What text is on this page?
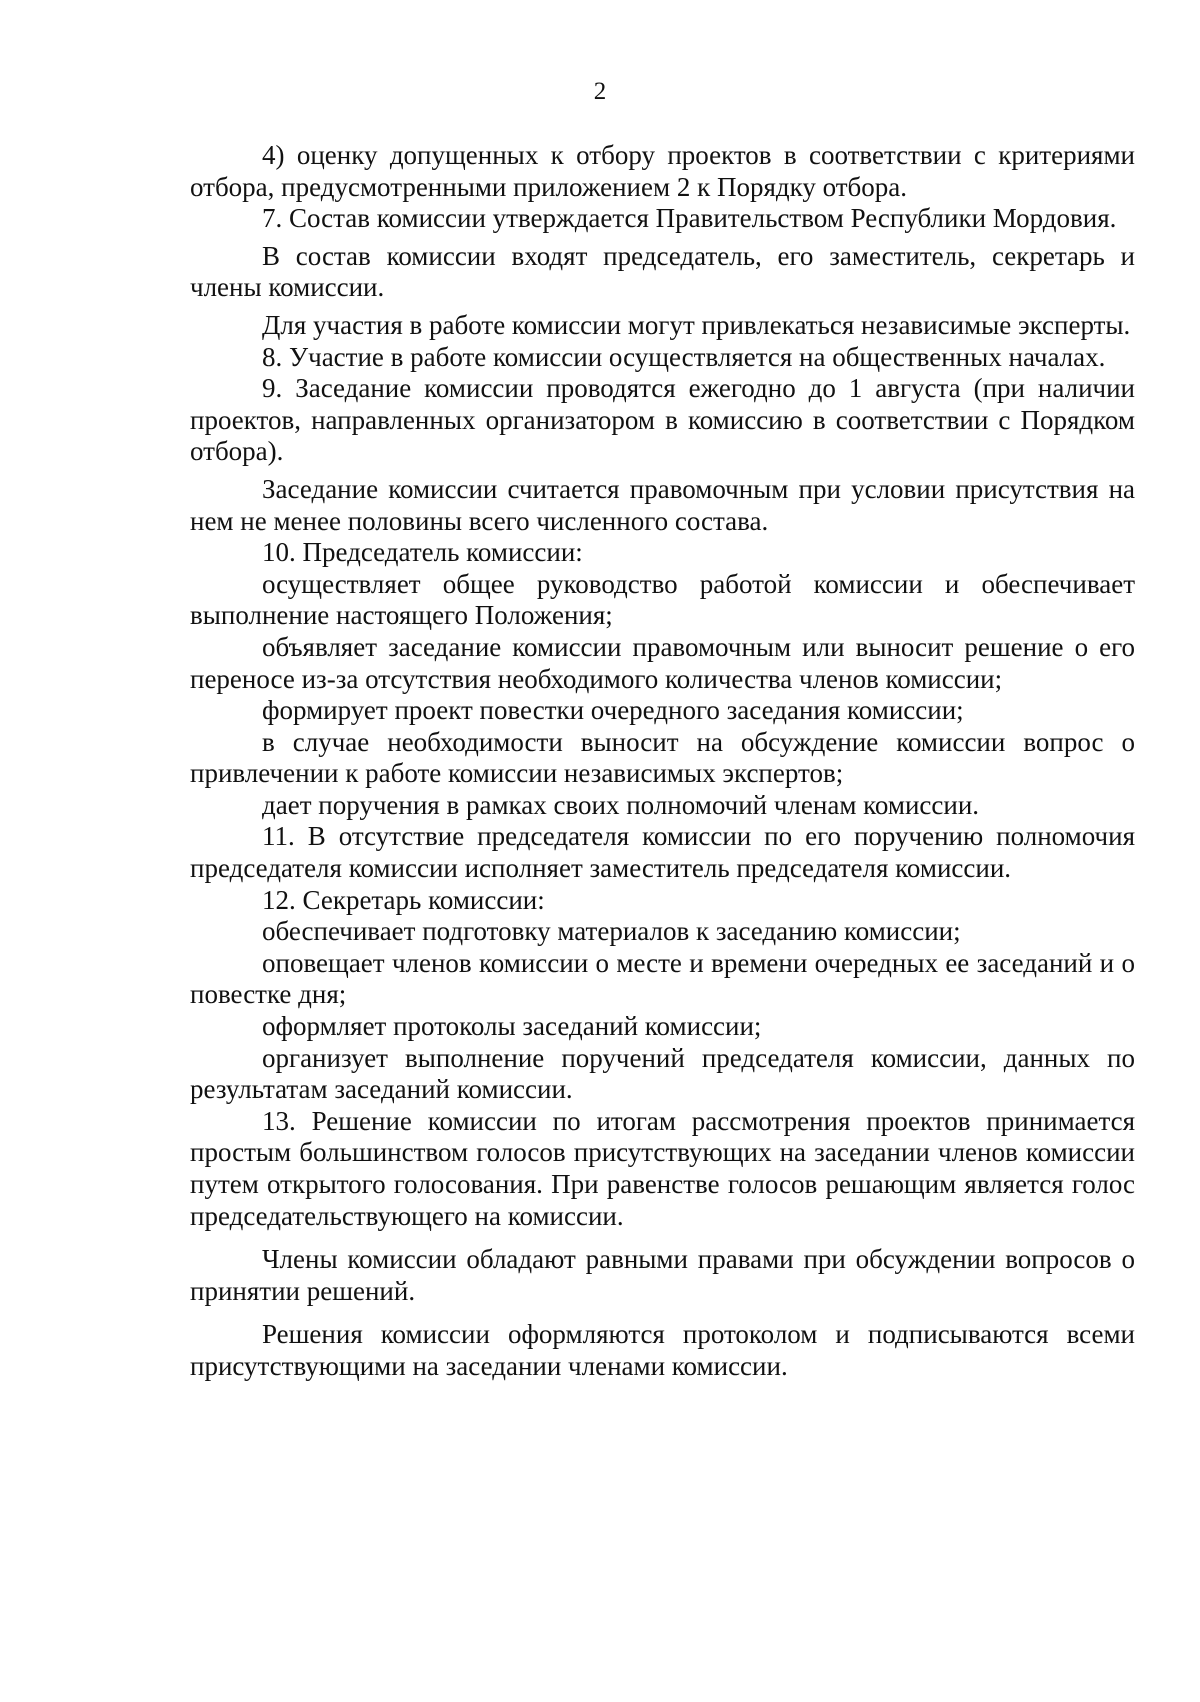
2

4) оценку допущенных к отбору проектов в соответствии с критериями отбора, предусмотренными приложением 2 к Порядку отбора.

7. Состав комиссии утверждается Правительством Республики Мордовия.

В состав комиссии входят председатель, его заместитель, секретарь и члены комиссии.

Для участия в работе комиссии могут привлекаться независимые эксперты.

8. Участие в работе комиссии осуществляется на общественных началах.

9. Заседание комиссии проводятся ежегодно до 1 августа (при наличии проектов, направленных организатором в комиссию в соответствии с Порядком отбора).

Заседание комиссии считается правомочным при условии присутствия на нем не менее половины всего численного состава.

10. Председатель комиссии:

осуществляет общее руководство работой комиссии и обеспечивает выполнение настоящего Положения;

объявляет заседание комиссии правомочным или выносит решение о его переносе из-за отсутствия необходимого количества членов комиссии;

формирует проект повестки очередного заседания комиссии;

в случае необходимости выносит на обсуждение комиссии вопрос о привлечении к работе комиссии независимых экспертов;

дает поручения в рамках своих полномочий членам комиссии.

11. В отсутствие председателя комиссии по его поручению полномочия председателя комиссии исполняет заместитель председателя комиссии.

12. Секретарь комиссии:

обеспечивает подготовку материалов к заседанию комиссии;

оповещает членов комиссии о месте и времени очередных ее заседаний и о повестке дня;

оформляет протоколы заседаний комиссии;

организует выполнение поручений председателя комиссии, данных по результатам заседаний комиссии.

13. Решение комиссии по итогам рассмотрения проектов принимается простым большинством голосов присутствующих на заседании членов комиссии путем открытого голосования. При равенстве голосов решающим является голос председательствующего на комиссии.

Члены комиссии обладают равными правами при обсуждении вопросов о принятии решений.

Решения комиссии оформляются протоколом и подписываются всеми присутствующими на заседании членами комиссии.
